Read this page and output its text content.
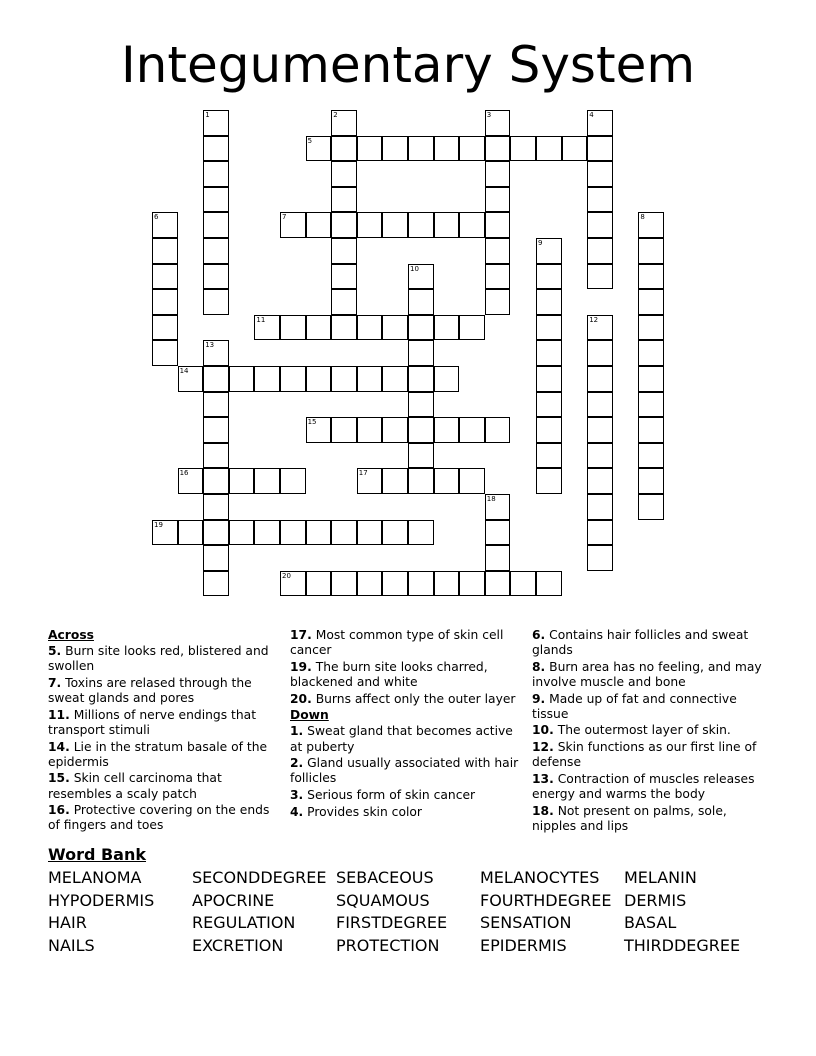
Integumentary System
1	2	3	4
5
6	7	8
9
10
11	12
13
14
15
16	17
18
19
20
Across
5. Burn site looks red, blistered and swollen
7. Toxins are relased through the sweat glands and pores
11. Millions of nerve endings that transport stimuli
14. Lie in the stratum basale of the epidermis
15. Skin cell carcinoma that resembles a scaly patch
16. Protective covering on the ends of fingers and toes
17. Most common type of skin cell cancer
19. The burn site looks charred, blackened and white
20. Burns affect only the outer layer
Down
1. Sweat gland that becomes active at puberty
2. Gland usually associated with hair follicles
3. Serious form of skin cancer
4. Provides skin color
6. Contains hair follicles and sweat glands
8. Burn area has no feeling, and may involve muscle and bone
9. Made up of fat and connective tissue
10. The outermost layer of skin.
12. Skin functions as our first line of defense
13. Contraction of muscles releases energy and warms the body
18. Not present on palms, sole, nipples and lips
Word Bank
MELANOMA	SECONDDEGREE SEBACEOUS	MELANOCYTES	MELANIN
HYPODERMIS	APOCRINE	SQUAMOUS	FOURTHDEGREE DERMIS
HAIR	REGULATION	FIRSTDEGREE	SENSATION	BASAL
NAILS	EXCRETION	PROTECTION	EPIDERMIS	THIRDDEGREE
